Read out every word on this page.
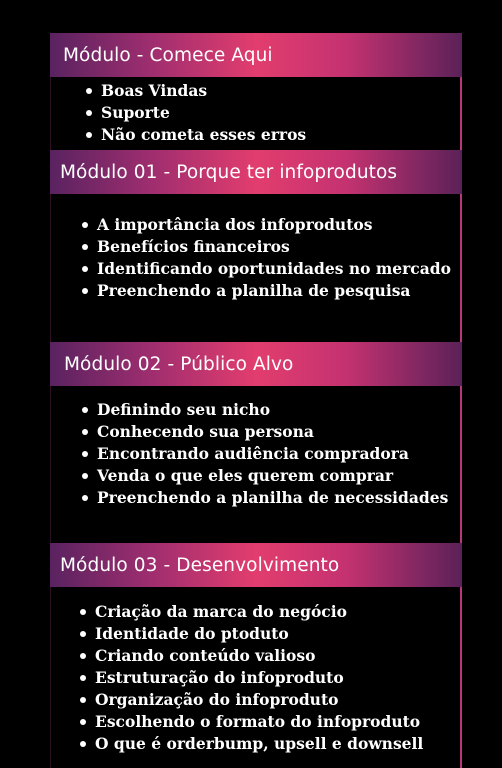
Módulo - Comece Aqui
Boas Vindas
Suporte
Não cometa esses erros
Módulo 01 - Porque ter infoprodutos
A importância dos infoprodutos
Benefícios financeiros
Identificando oportunidades no mercado
Preenchendo a planilha de pesquisa
Módulo 02 - Público Alvo
Definindo seu nicho
Conhecendo sua persona
Encontrando audiência compradora
Venda o que eles querem comprar
Preenchendo a planilha de necessidades
Módulo 03 - Desenvolvimento
Criação da marca do negócio
Identidade do ptoduto
Criando conteúdo valioso
Estruturação do infoproduto
Organização do infoproduto
Escolhendo o formato do infoproduto
O que é orderbump, upsell e downsell
